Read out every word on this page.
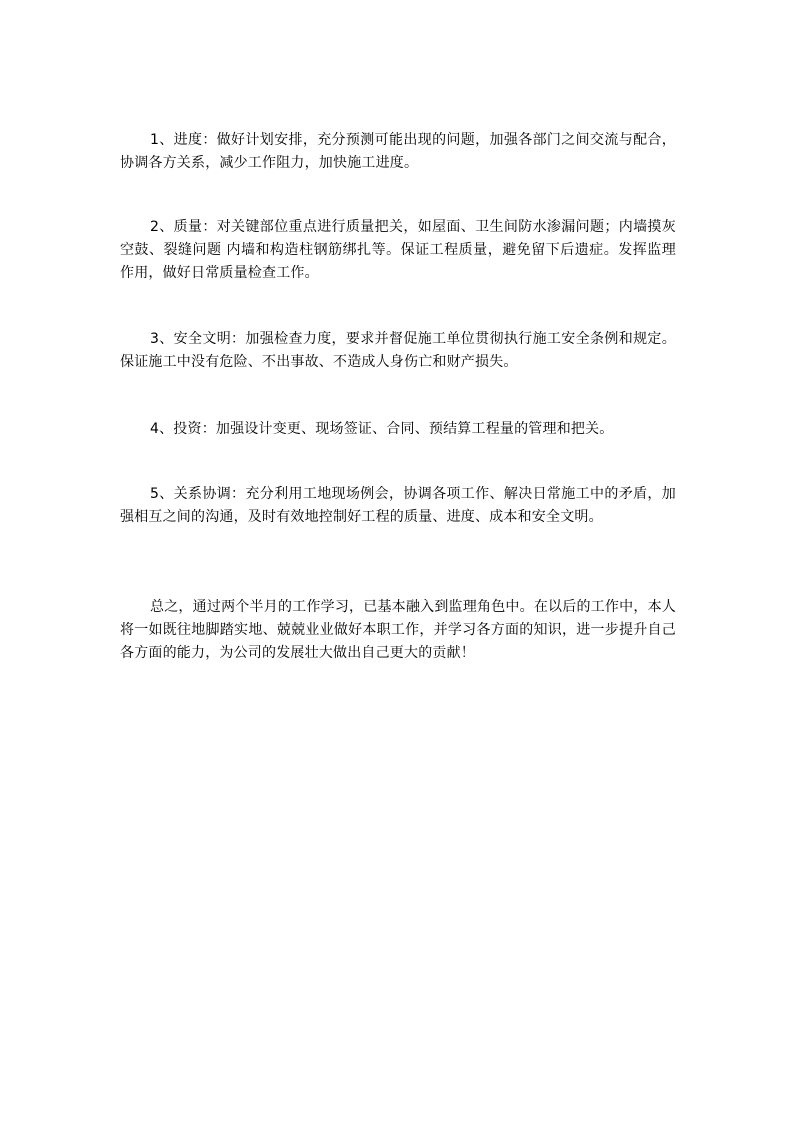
1、进度：做好计划安排，充分预测可能出现的问题，加强各部门之间交流与配合，协调各方关系，减少工作阻力，加快施工进度。

2、质量：对关键部位重点进行质量把关，如屋面、卫生间防水渗漏问题；内墙摸灰空鼓、裂缝问题 内墙和构造柱钢筋绑扎等。保证工程质量，避免留下后遗症。发挥监理作用，做好日常质量检查工作。

3、安全文明：加强检查力度，要求并督促施工单位贯彻执行施工安全条例和规定。保证施工中没有危险、不出事故、不造成人身伤亡和财产损失。

4、投资：加强设计变更、现场签证、合同、预结算工程量的管理和把关。

5、关系协调：充分利用工地现场例会，协调各项工作、解决日常施工中的矛盾，加强相互之间的沟通，及时有效地控制好工程的质量、进度、成本和安全文明。

总之，通过两个半月的工作学习，已基本融入到监理角色中。在以后的工作中，本人将一如既往地脚踏实地、兢兢业业做好本职工作，并学习各方面的知识，进一步提升自己各方面的能力，为公司的发展壮大做出自己更大的贡献！
